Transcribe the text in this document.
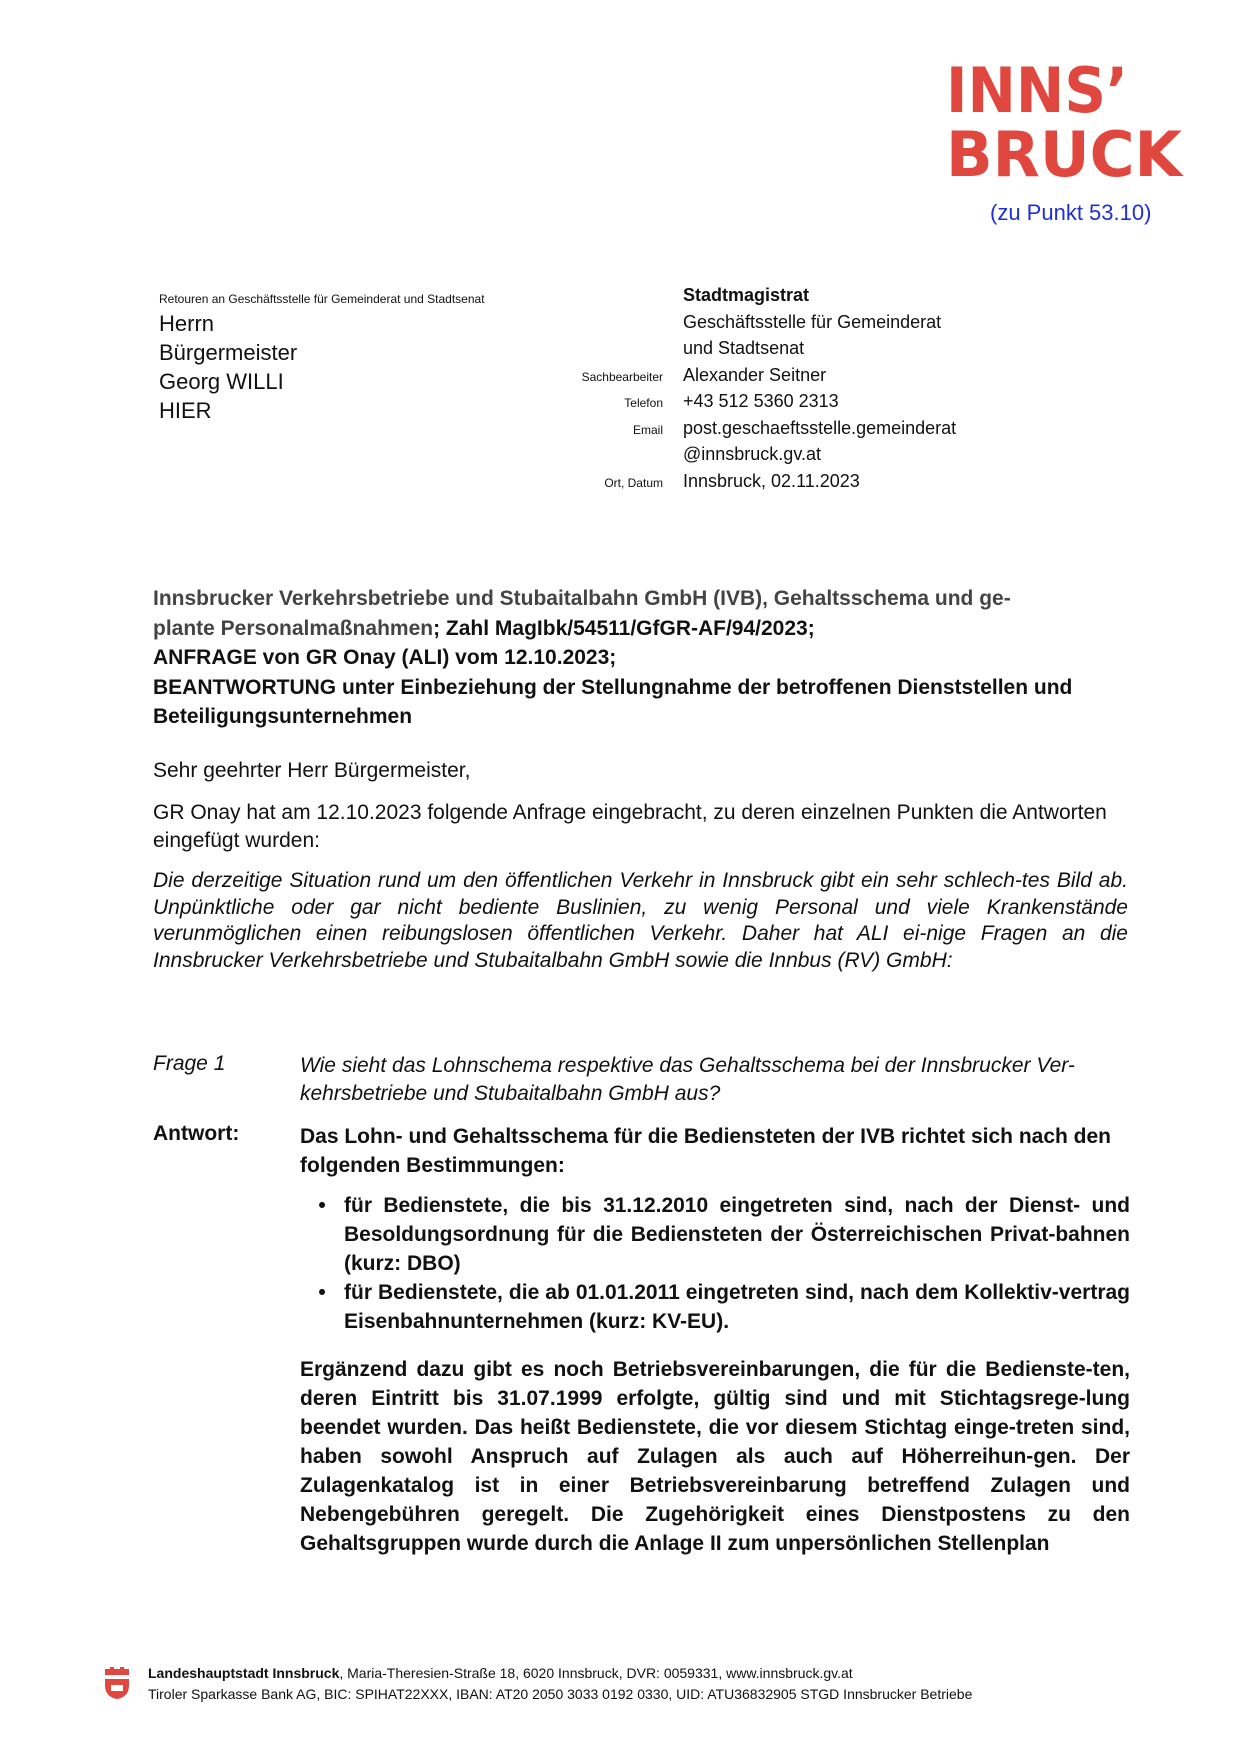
INNS’
BRUCK
(zu Punkt 53.10)
Retouren an Geschäftsstelle für Gemeinderat und Stadtsenat
Herrn
Bürgermeister
Georg WILLI
HIER
Stadtmagistrat
Geschäftsstelle für Gemeinderat
und Stadtsenat
Sachbearbeiter	Alexander Seitner
Telefon	+43 512 5360 2313
Email	post.geschaeftsstelle.gemeinderat
@innsbruck.gv.at
Ort, Datum	Innsbruck, 02.11.2023
Innsbrucker Verkehrsbetriebe und Stubaitalbahn GmbH (IVB), Gehaltsschema und ge-
plante Personalmaßnahmen; Zahl MagIbk/54511/GfGR-AF/94/2023;
ANFRAGE von GR Onay (ALI) vom 12.10.2023;
BEANTWORTUNG unter Einbeziehung der Stellungnahme der betroffenen Dienststellen und Beteiligungsunternehmen
Sehr geehrter Herr Bürgermeister,
GR Onay hat am 12.10.2023 folgende Anfrage eingebracht, zu deren einzelnen Punkten die Antworten eingefügt wurden:
Die derzeitige Situation rund um den öffentlichen Verkehr in Innsbruck gibt ein sehr schlech-tes Bild ab. Unpünktliche oder gar nicht bediente Buslinien, zu wenig Personal und viele Krankenstände verunmöglichen einen reibungslosen öffentlichen Verkehr. Daher hat ALI ei-nige Fragen an die Innsbrucker Verkehrsbetriebe und Stubaitalbahn GmbH sowie die Innbus (RV) GmbH:
Frage 1	Wie sieht das Lohnschema respektive das Gehaltsschema bei der Innsbrucker Ver-kehrsbetriebe und Stubaitalbahn GmbH aus?
Antwort:	Das Lohn- und Gehaltsschema für die Bediensteten der IVB richtet sich nach den folgenden Bestimmungen:
• für Bedienstete, die bis 31.12.2010 eingetreten sind, nach der Dienst- und Besoldungsordnung für die Bediensteten der Österreichischen Privat-bahnen (kurz: DBO)
• für Bedienstete, die ab 01.01.2011 eingetreten sind, nach dem Kollektiv-vertrag Eisenbahnunternehmen (kurz: KV-EU).
Ergänzend dazu gibt es noch Betriebsvereinbarungen, die für die Bedienste-ten, deren Eintritt bis 31.07.1999 erfolgte, gültig sind und mit Stichtagsrege-lung beendet wurden. Das heißt Bedienstete, die vor diesem Stichtag einge-treten sind, haben sowohl Anspruch auf Zulagen als auch auf Höherreihun-gen. Der Zulagenkatalog ist in einer Betriebsvereinbarung betreffend Zulagen und Nebengebühren geregelt. Die Zugehörigkeit eines Dienstpostens zu den Gehaltsgruppen wurde durch die Anlage II zum unpersönlichen Stellenplan
Landeshauptstadt Innsbruck, Maria-Theresien-Straße 18, 6020 Innsbruck, DVR: 0059331, www.innsbruck.gv.at
Tiroler Sparkasse Bank AG, BIC: SPIHAT22XXX, IBAN: AT20 2050 3033 0192 0330, UID: ATU36832905 STGD Innsbrucker Betriebe
